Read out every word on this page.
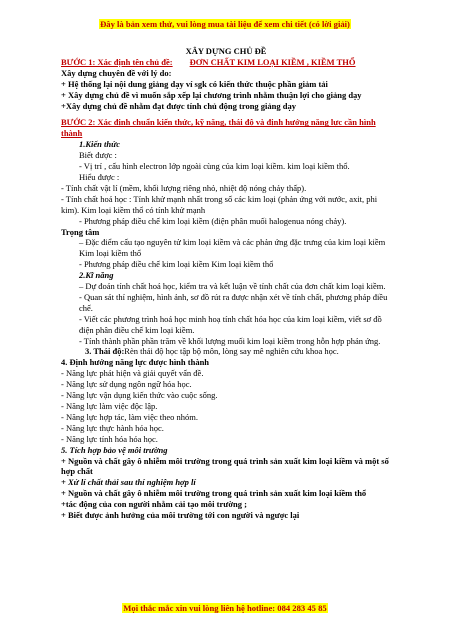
Đây là bản xem thử, vui lòng mua tài liệu để xem chi tiết (có lời giải)

XÂY DỰNG CHỦ ĐỀ

BƯỚC 1: Xác định tên chủ đề: ĐƠN CHẤT KIM LOẠI KIỀM , KIỀM THỔ

Xây dựng chuyên đề với lý do:

+ Hệ thống lại nội dung giảng dạy ví sgk có kiến thức thuộc phần giảm tải

+ Xây dựng chủ đề vì muốn sắp xếp lại chương trình nhằm thuận lợi cho giảng dạy

+Xây dựng chủ đề nhằm đạt được tính chủ động trong giảng dạy

BƯỚC 2: Xác định chuẩn kiến thức, kỹ năng, thái độ và định hướng năng lực cần hình thành

1.Kiến thức

Biết được :

- Vị trí , cấu hình electron lớp ngoài cùng của kim loại kiềm. kim loại kiềm thổ.

Hiểu được :

- Tính chất vật lí (mềm, khối lượng riêng nhỏ, nhiệt độ nóng chảy thấp).

- Tính chất hoá học : Tính khử mạnh nhất trong số các kim loại (phản ứng với nước, axit, phi kim). Kim loại kiềm thổ có tính khử mạnh

- Phương pháp điều chế kim loại kiềm (điện phân muối halogenua nóng chảy).

Trọng tâm

– Đặc điểm cấu tạo nguyên tử kim loại kiềm và các phản ứng đặc trưng của kim loại kiềm Kim loại kiềm thổ

- Phương pháp điều chế kim loại kiềm Kim loại kiềm thổ

2.Kĩ năng

– Dự đoán tính chất hoá học, kiểm tra và kết luận về tính chất của đơn chất kim loại kiềm.

- Quan sát thí nghiệm, hình ảnh, sơ đồ rút ra được nhận xét về tính chất, phương pháp điều chế.

- Viết các phương trình hoá học minh hoạ tính chất hóa học của kim loại kiềm, viết sơ đồ điện phân điều chế kim loại kiềm.

- Tính thành phần phần trăm về khối lượng muối kim loại kiềm trong hỗn hợp phản ứng.

3. Thái độ:Rèn thái độ học tập bộ môn, lòng say mê nghiên cứu khoa học.

4. Định hướng năng lực được hình thành

- Năng lực phát hiện và giải quyết vấn đề.

- Năng lực sử dụng ngôn ngữ hóa học.

- Năng lực vận dụng kiến thức vào cuộc sống.

- Năng lực làm việc độc lập.

- Năng lực hợp tác, làm việc theo nhóm.

- Năng lực thực hành hóa học.

- Năng lực tính hóa hóa học.

5. Tích hợp bảo vệ môi trường

+ Nguồn và chất gây ô nhiễm môi trường trong quá trình sản xuất kim loại kiềm và một số hợp chất

+ Xử lí chất thải sau thí nghiệm hợp lí

+ Nguồn và chất gây ô nhiễm môi trường trong quá trình sản xuất kim loại kiềm thổ

+tác động của con người nhằm cải tạo môi trường ;

+ Biết được ảnh hưởng của môi trường tới con người và ngược lại

Mọi thắc mắc xin vui lòng liên hệ hotline: 084 283 45 85
